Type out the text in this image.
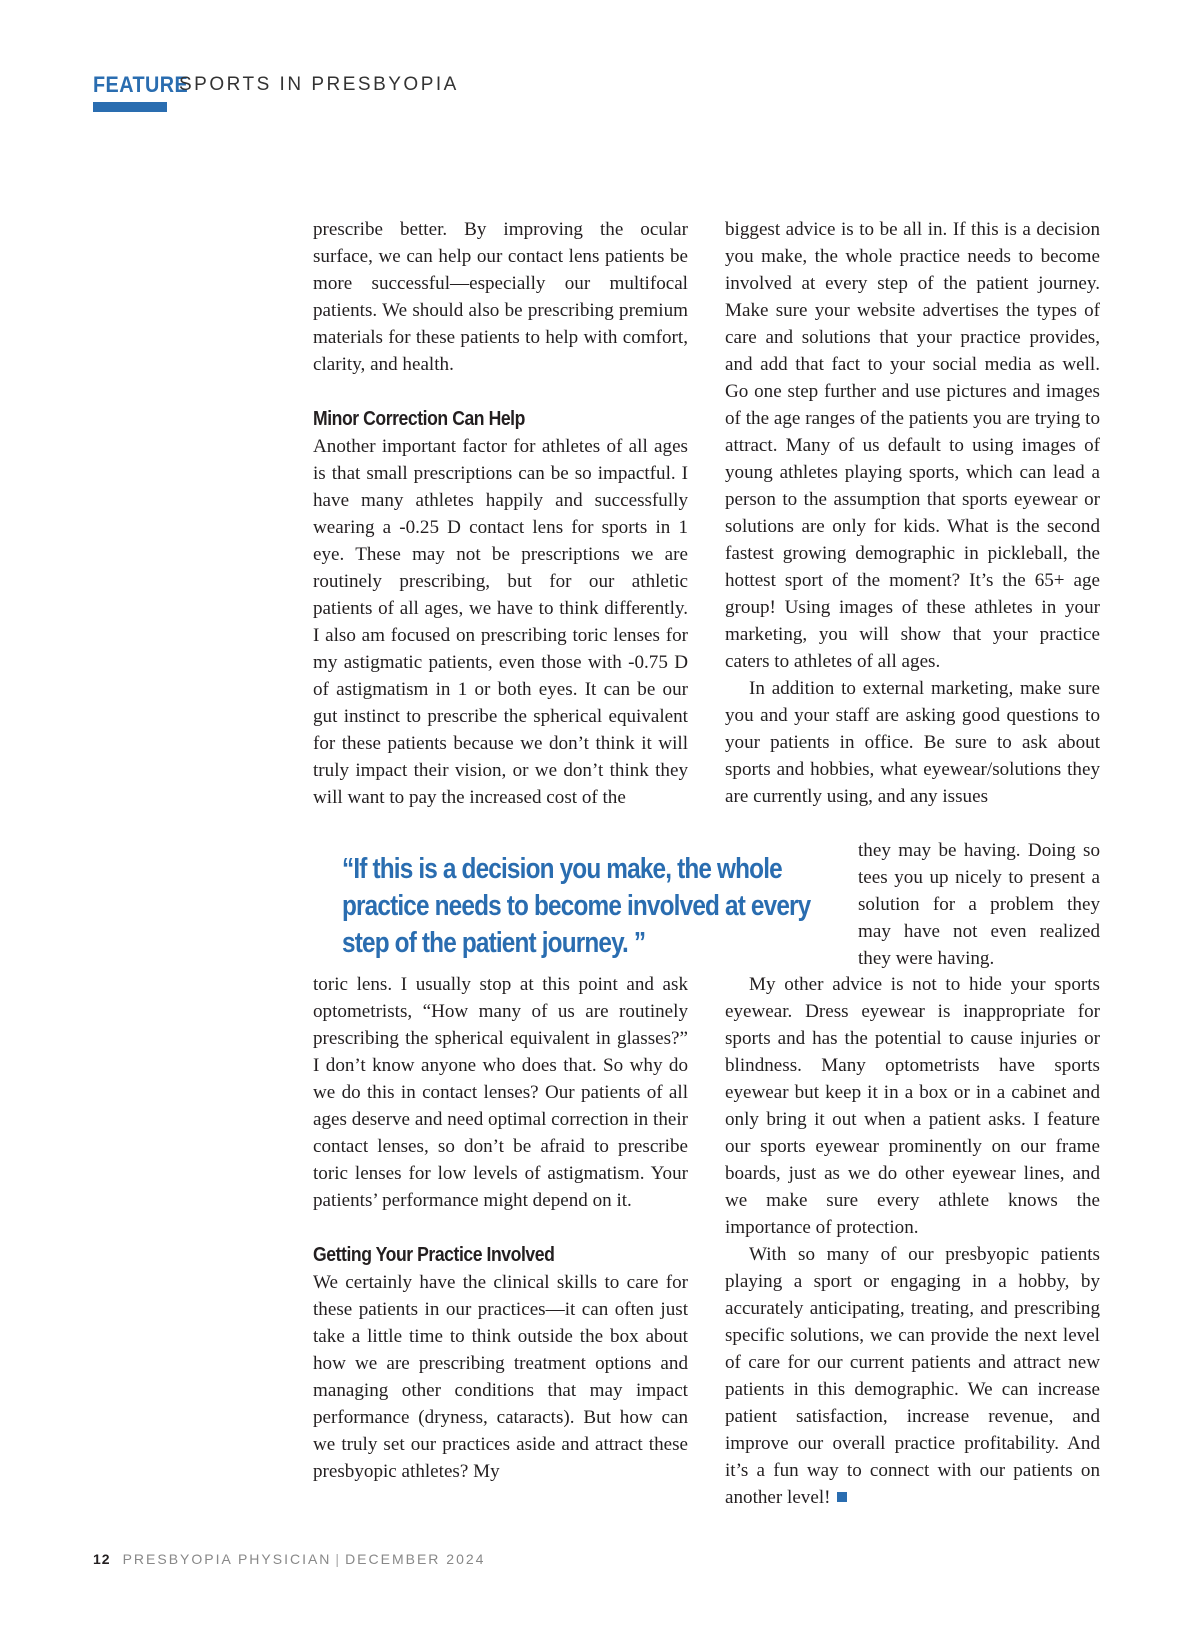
FEATURE
SPORTS IN PRESBYOPIA

prescribe better. By improving the ocular surface, we can help our contact lens patients be more successful—especially our multifocal patients. We should also be prescribing premium materials for these patients to help with comfort, clarity, and health.

Minor Correction Can Help

Another important factor for athletes of all ages is that small prescriptions can be so impactful. I have many athletes happily and successfully wearing a -0.25 D contact lens for sports in 1 eye. These may not be prescriptions we are routinely prescribing, but for our athletic patients of all ages, we have to think differently. I also am focused on prescribing toric lenses for my astigmatic patients, even those with -0.75 D of astigmatism in 1 or both eyes. It can be our gut instinct to prescribe the spherical equivalent for these patients because we don’t think it will truly impact their vision, or we don’t think they will want to pay the increased cost of the

toric lens. I usually stop at this point and ask optometrists, “How many of us are routinely prescribing the spherical equivalent in glasses?” I don’t know anyone who does that. So why do we do this in contact lenses? Our patients of all ages deserve and need optimal correction in their contact lenses, so don’t be afraid to prescribe toric lenses for low levels of astigmatism. Your patients’ performance might depend on it.

Getting Your Practice Involved

We certainly have the clinical skills to care for these patients in our practices—it can often just take a little time to think outside the box about how we are prescribing treatment options and managing other conditions that may impact performance (dryness, cataracts). But how can we truly set our practices aside and attract these presbyopic athletes? My

biggest advice is to be all in. If this is a decision you make, the whole practice needs to become involved at every step of the patient journey. Make sure your website advertises the types of care and solutions that your practice provides, and add that fact to your social media as well. Go one step further and use pictures and images of the age ranges of the patients you are trying to attract. Many of us default to using images of young athletes playing sports, which can lead a person to the assumption that sports eyewear or solutions are only for kids. What is the second fastest growing demographic in pickleball, the hottest sport of the moment? It’s the 65+ age group! Using images of these athletes in your marketing, you will show that your practice caters to athletes of all ages.

In addition to external marketing, make sure you and your staff are asking good questions to your patients in office. Be sure to ask about sports and hobbies, what eyewear/solutions they are currently using, and any issues

they may be having. Doing so tees you up nicely to present a solution for a problem they may have not even realized they were having.

My other advice is not to hide your sports eyewear. Dress eyewear is inappropriate for sports and has the potential to cause injuries or blindness. Many optometrists have sports eyewear but keep it in a box or in a cabinet and only bring it out when a patient asks. I feature our sports eyewear prominently on our frame boards, just as we do other eyewear lines, and we make sure every athlete knows the importance of protection.

With so many of our presbyopic patients playing a sport or engaging in a hobby, by accurately anticipating, treating, and prescribing specific solutions, we can provide the next level of care for our current patients and attract new patients in this demographic. We can increase patient satisfaction, increase revenue, and improve our overall practice profitability. And it’s a fun way to connect with our patients on another level!

“If this is a decision you make, the whole
practice needs to become involved at every
step of the patient journey. ”
12 PRESBYOPIA PHYSICIAN | DECEMBER 2024
